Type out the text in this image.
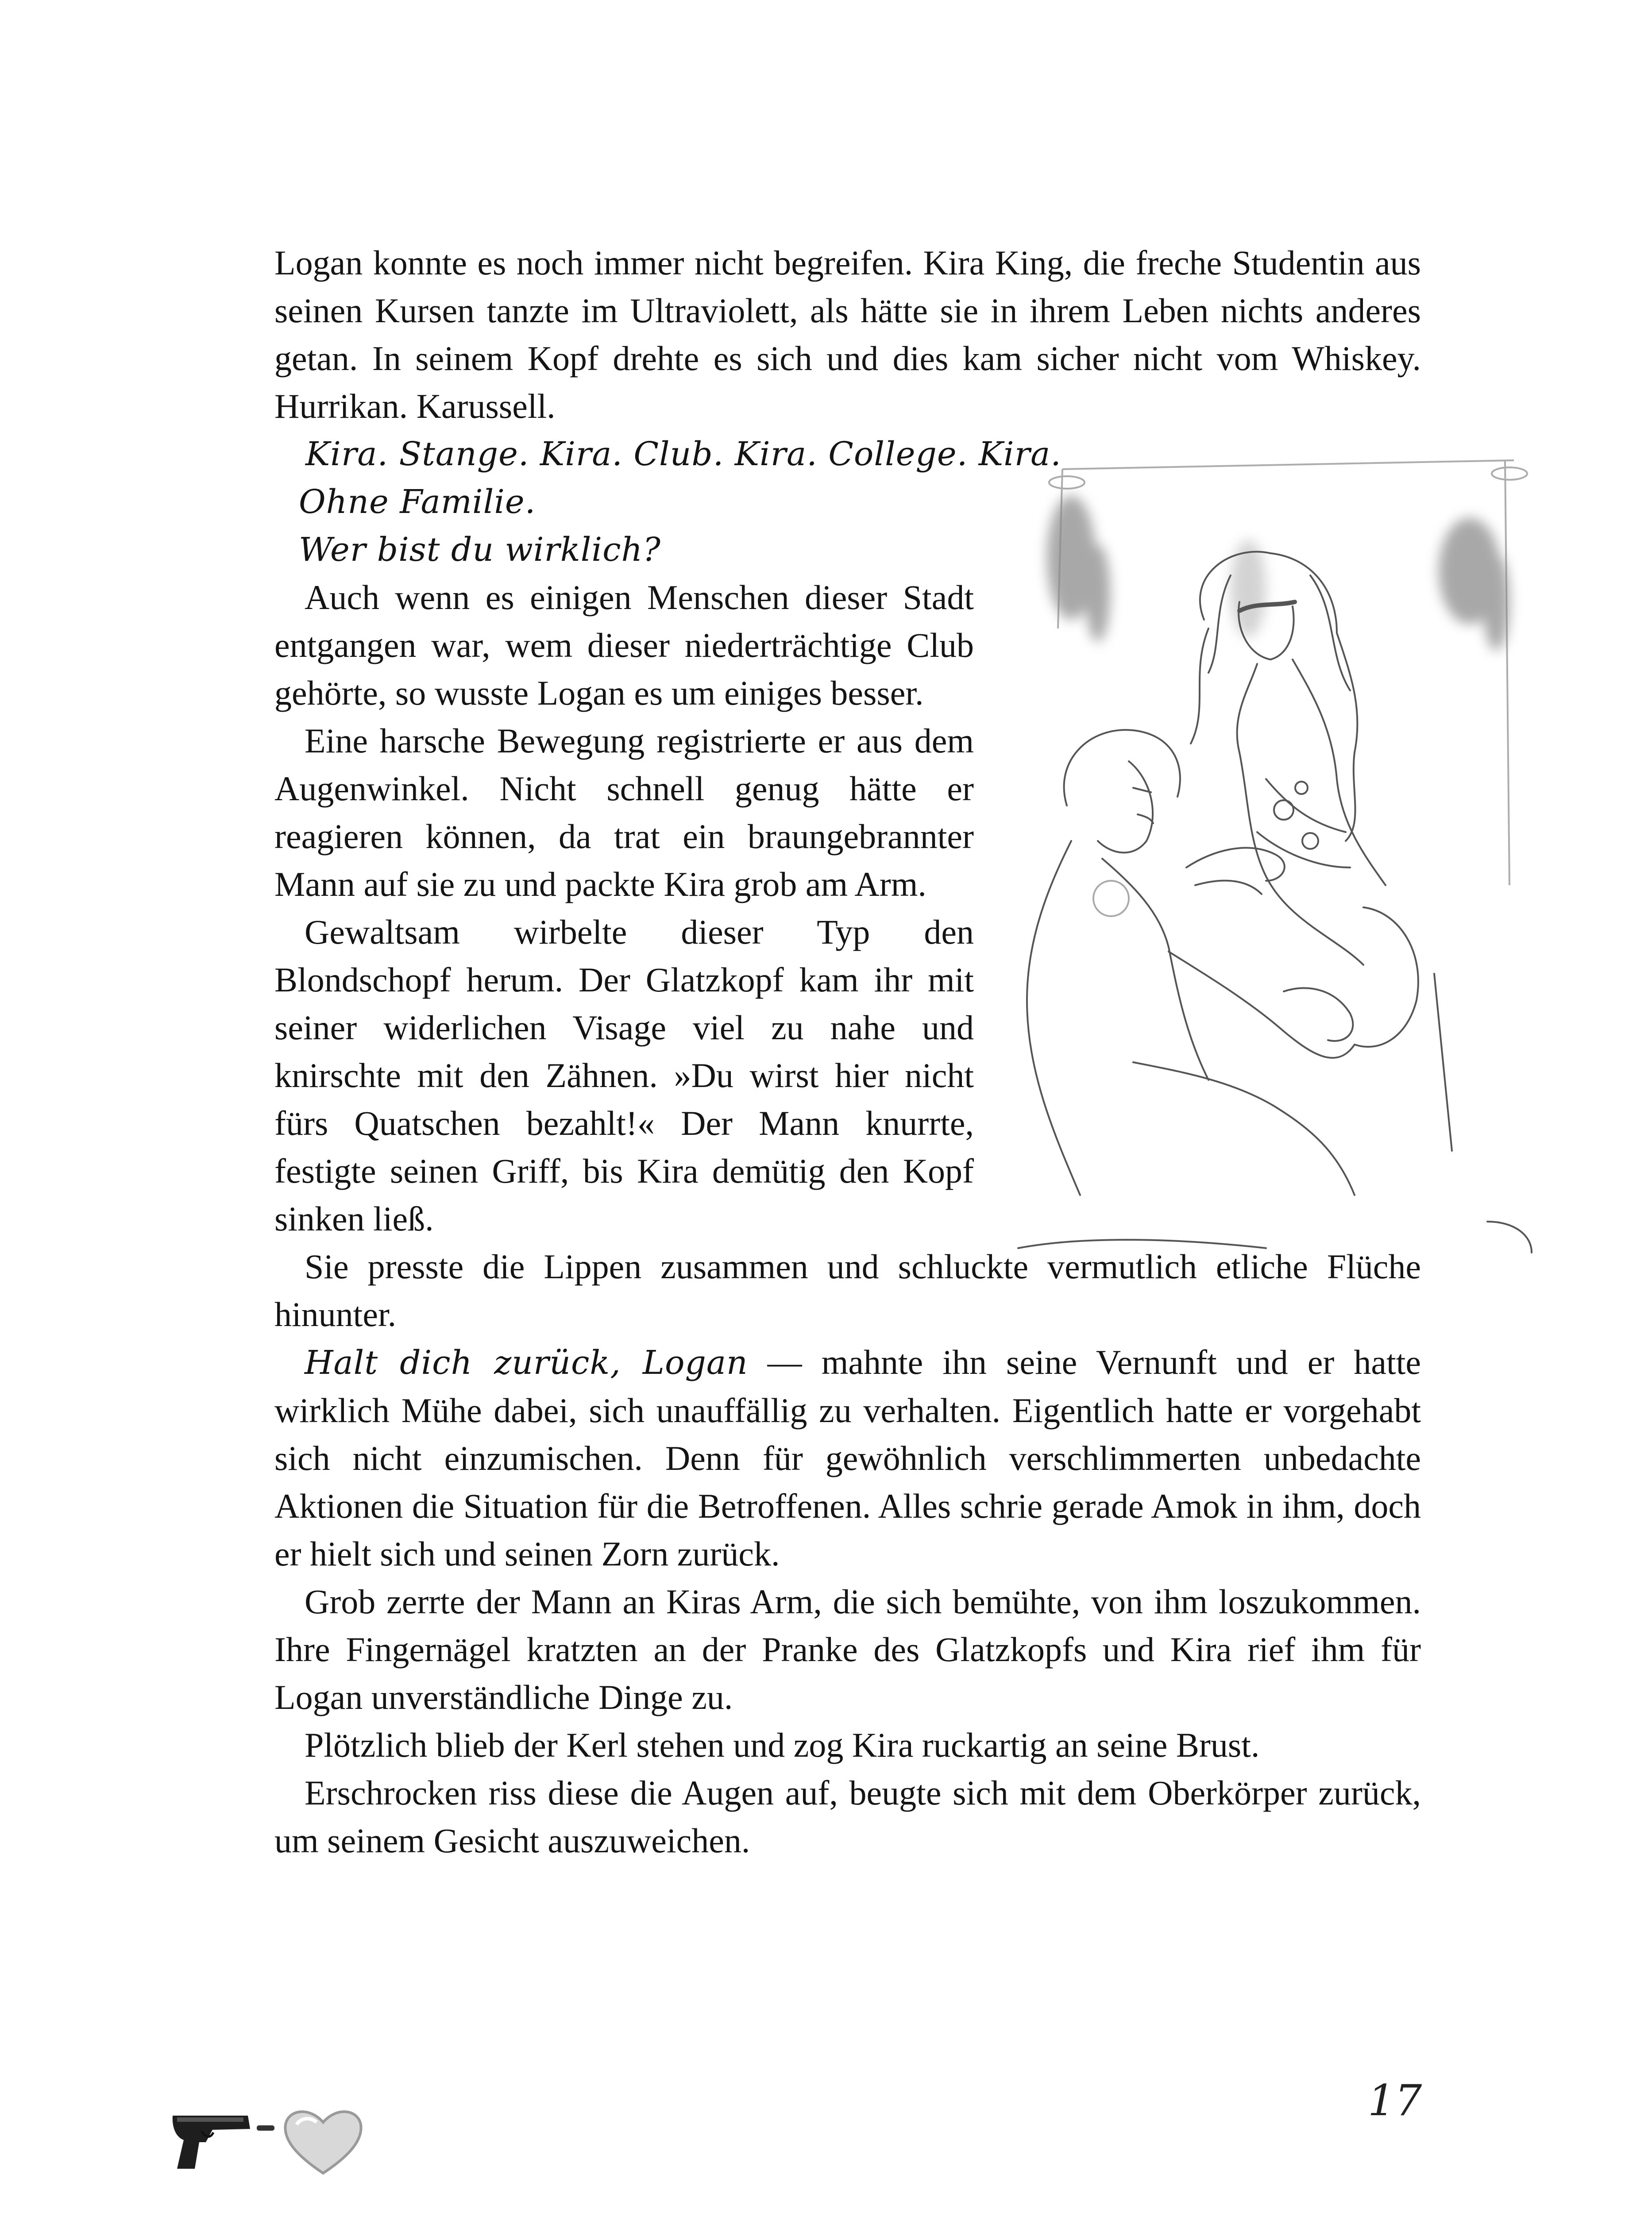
Logan konnte es noch immer nicht begreifen. Kira King, die freche Studentin aus seinen Kursen tanzte im Ultraviolett, als hätte sie in ihrem Leben nichts anderes getan. In seinem Kopf drehte es sich und dies kam sicher nicht vom Whiskey. Hurrikan. Karussell.

Kira. Stange. Kira. Club. Kira. College. Kira.

Ohne Familie.

Wer bist du wirklich?

Auch wenn es einigen Menschen dieser Stadt entgangen war, wem dieser niederträchtige Club gehörte, so wusste Logan es um einiges besser.

Eine harsche Bewegung registrierte er aus dem Augenwinkel. Nicht schnell genug hätte er reagieren können, da trat ein braungebrannter Mann auf sie zu und packte Kira grob am Arm.

Gewaltsam wirbelte dieser Typ den Blondschopf herum. Der Glatzkopf kam ihr mit seiner widerlichen Visage viel zu nahe und knirschte mit den Zähnen. »Du wirst hier nicht fürs Quatschen bezahlt!« Der Mann knurrte, festigte seinen Griff, bis Kira demütig den Kopf sinken ließ.

Sie presste die Lippen zusammen und schluckte vermutlich etliche Flüche hinunter.

Halt dich zurück, Logan — mahnte ihn seine Vernunft und er hatte wirklich Mühe dabei, sich unauffällig zu verhalten. Eigentlich hatte er vorgehabt sich nicht einzumischen. Denn für gewöhnlich verschlimmerten unbedachte Aktionen die Situation für die Betroffenen. Alles schrie gerade Amok in ihm, doch er hielt sich und seinen Zorn zurück.

Grob zerrte der Mann an Kiras Arm, die sich bemühte, von ihm loszukommen. Ihre Fingernägel kratzten an der Pranke des Glatzkopfs und Kira rief ihm für Logan unverständliche Dinge zu.

Plötzlich blieb der Kerl stehen und zog Kira ruckartig an seine Brust.

Erschrocken riss diese die Augen auf, beugte sich mit dem Oberkörper zurück, um seinem Gesicht auszuweichen.

17
